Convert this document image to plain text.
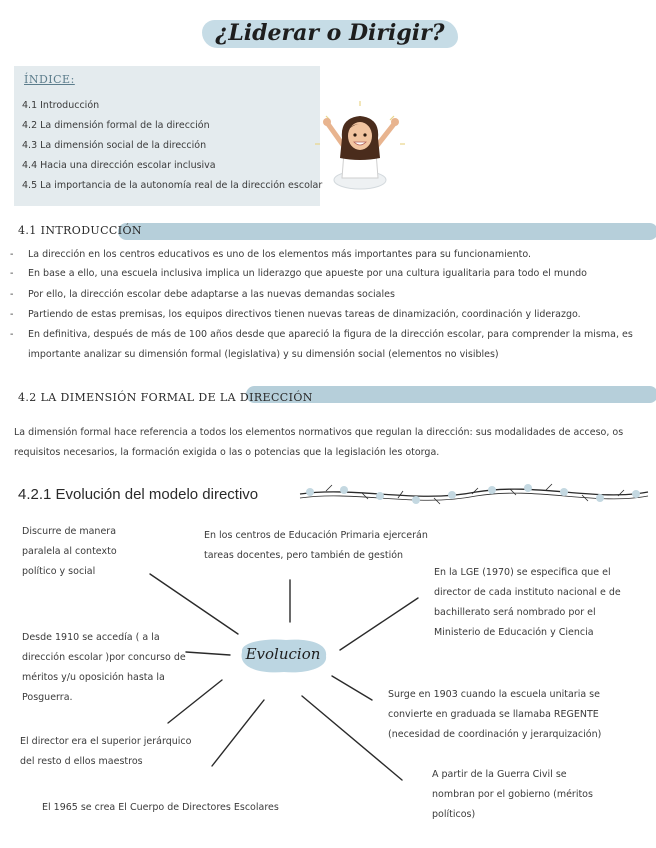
¿Liderar o Dirigir?
ÍNDICE:
4.1 Introducción
4.2 La dimensión formal de la dirección
4.3 La dimensión social de la dirección
4.4 Hacia una dirección escolar inclusiva
4.5 La importancia de la autonomía real de la dirección escolar
4.1 INTRODUCCIÓN
- La dirección en los centros educativos es uno de los elementos más importantes para su funcionamiento.
- En base a ello, una escuela inclusiva implica un liderazgo que apueste por una cultura igualitaria para todo el mundo
- Por ello, la dirección escolar debe adaptarse a las nuevas demandas sociales
- Partiendo de estas premisas, los equipos directivos tienen nuevas tareas de dinamización, coordinación y liderazgo.
- En definitiva, después de más de 100 años desde que apareció la figura de la dirección escolar, para comprender la misma, es importante analizar su dimensión formal (legislativa) y su dimensión social (elementos no visibles)
4.2 LA DIMENSIÓN FORMAL DE LA DIRECCIÓN
La dimensión formal hace referencia a todos los elementos normativos que regulan la dirección: sus modalidades de acceso, os requisitos necesarios, la formación exigida o las o potencias que la legislación les otorga.
4.2.1 Evolución del modelo directivo
Evolucion
Discurre de manera paralela al contexto político y social
En los centros de Educación Primaria ejercerán tareas docentes, pero también de gestión
En la LGE (1970) se especifica que el director de cada instituto nacional e de bachillerato será nombrado por el Ministerio de Educación y Ciencia
Desde 1910 se accedía ( a la dirección escolar )por concurso de méritos y/u oposición hasta la Posguerra.	Surge en 1903 cuando la escuela unitaria se convierte en graduada se llamaba REGENTE (necesidad de coordinación y jerarquización)
El director era el superior jerárquico del resto d ellos maestros
El 1965 se crea El Cuerpo de Directores Escolares
A partir de la Guerra Civil se nombran por el gobierno (méritos políticos)
